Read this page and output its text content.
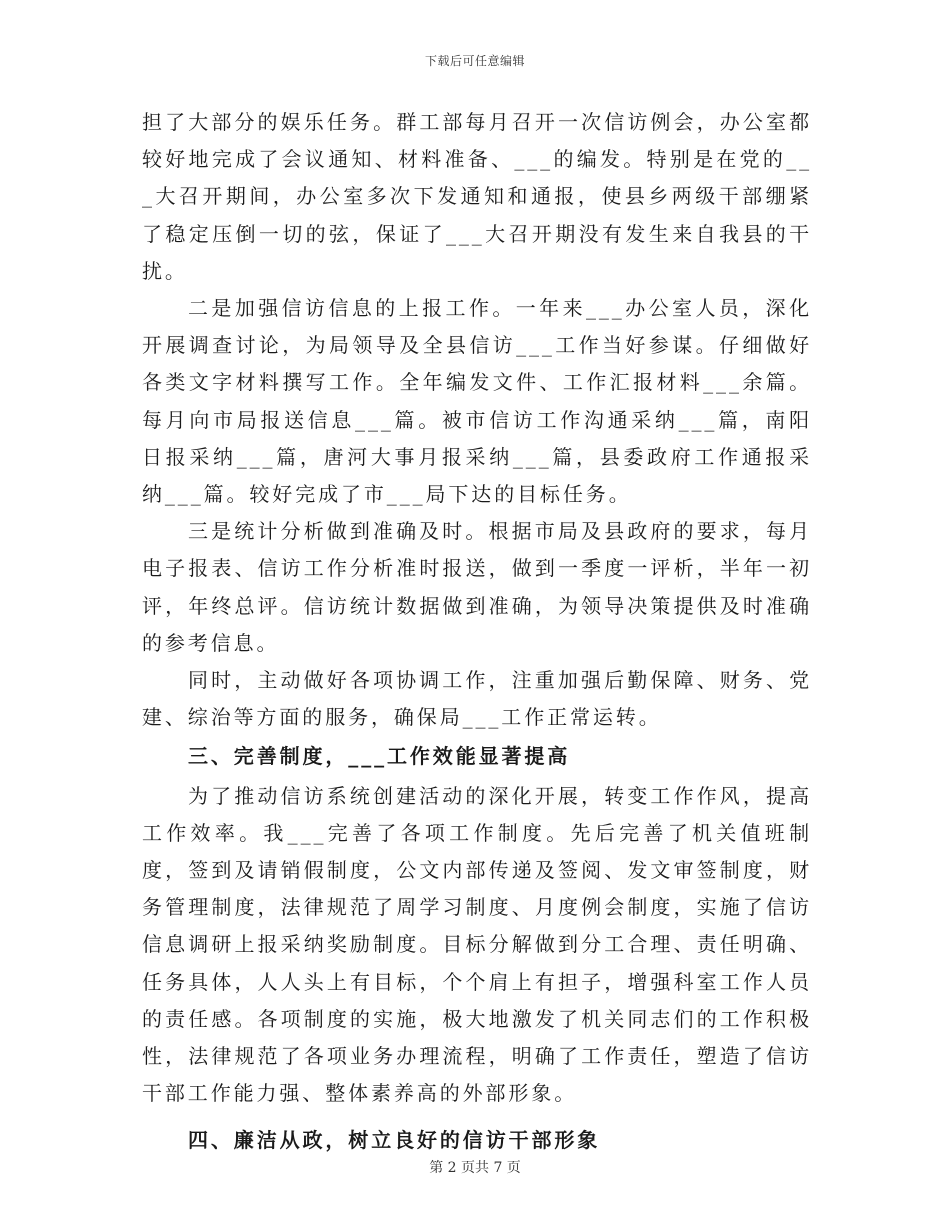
下载后可任意编辑

担了大部分的娱乐任务。群工部每月召开一次信访例会，办公室都较好地完成了会议通知、材料准备、___的编发。特别是在党的___大召开期间，办公室多次下发通知和通报，使县乡两级干部绷紧了稳定压倒一切的弦，保证了___大召开期没有发生来自我县的干扰。

二是加强信访信息的上报工作。一年来___办公室人员，深化开展调查讨论，为局领导及全县信访___工作当好参谋。仔细做好各类文字材料撰写工作。全年编发文件、工作汇报材料___余篇。每月向市局报送信息___篇。被市信访工作沟通采纳___篇，南阳日报采纳___篇，唐河大事月报采纳___篇，县委政府工作通报采纳___篇。较好完成了市___局下达的目标任务。

三是统计分析做到准确及时。根据市局及县政府的要求，每月电子报表、信访工作分析准时报送，做到一季度一评析，半年一初评，年终总评。信访统计数据做到准确，为领导决策提供及时准确的参考信息。

同时，主动做好各项协调工作，注重加强后勤保障、财务、党建、综治等方面的服务，确保局___工作正常运转。

三、完善制度，___工作效能显著提高

为了推动信访系统创建活动的深化开展，转变工作作风，提高工作效率。我___完善了各项工作制度。先后完善了机关值班制度，签到及请销假制度，公文内部传递及签阅、发文审签制度，财务管理制度，法律规范了周学习制度、月度例会制度，实施了信访信息调研上报采纳奖励制度。目标分解做到分工合理、责任明确、任务具体，人人头上有目标，个个肩上有担子，增强科室工作人员的责任感。各项制度的实施，极大地激发了机关同志们的工作积极性，法律规范了各项业务办理流程，明确了工作责任，塑造了信访干部工作能力强、整体素养高的外部形象。

四、廉洁从政，树立良好的信访干部形象

第 2 页共 7 页
